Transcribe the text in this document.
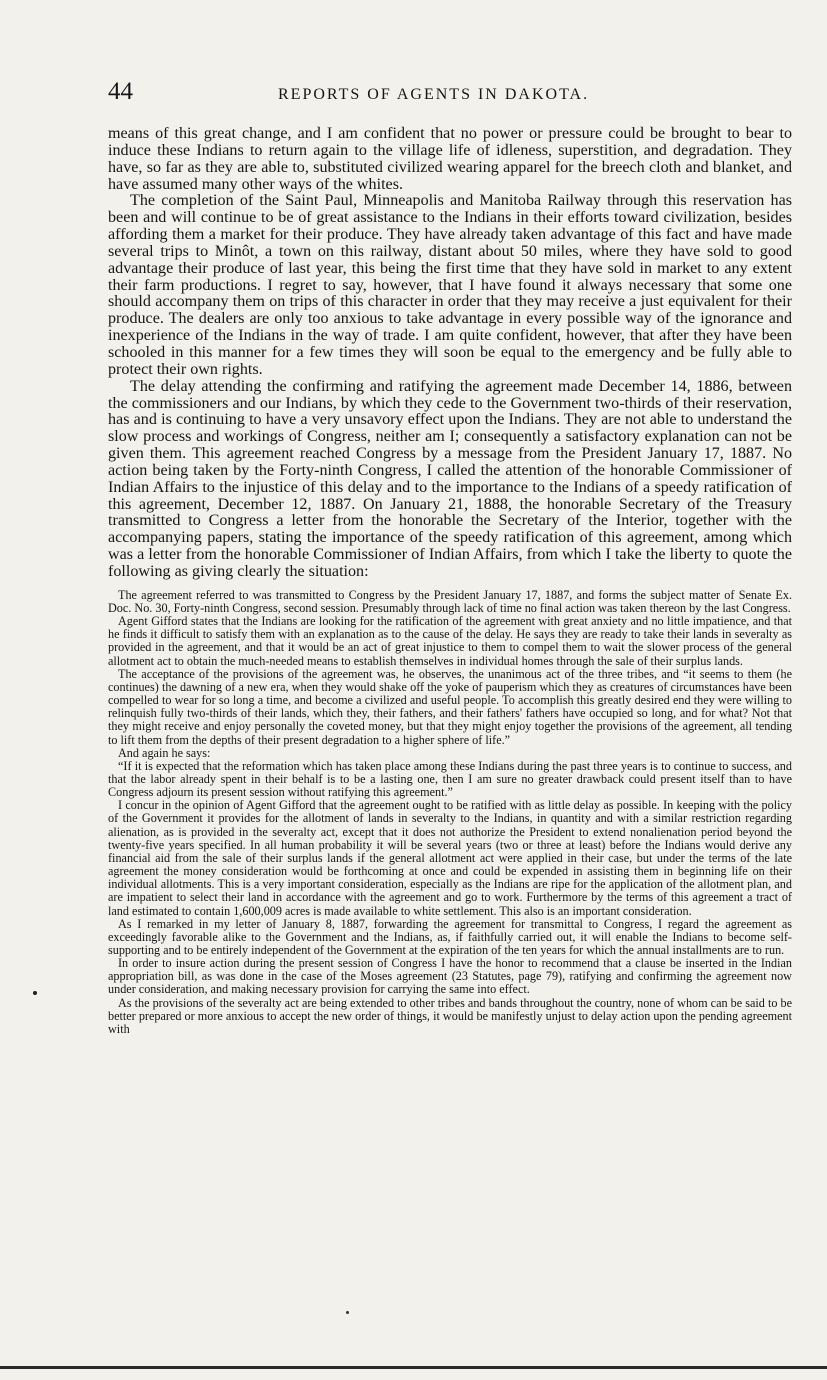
44	REPORTS OF AGENTS IN DAKOTA.

means of this great change, and I am confident that no power or pressure could be brought to bear to induce these Indians to return again to the village life of idleness, superstition, and degradation. They have, so far as they are able to, substituted civilized wearing apparel for the breech cloth and blanket, and have assumed many other ways of the whites.

The completion of the Saint Paul, Minneapolis and Manitoba Railway through this reservation has been and will continue to be of great assistance to the Indians in their efforts toward civilization, besides affording them a market for their produce. They have already taken advantage of this fact and have made several trips to Minôt, a town on this railway, distant about 50 miles, where they have sold to good advantage their produce of last year, this being the first time that they have sold in market to any extent their farm productions. I regret to say, however, that I have found it always necessary that some one should accompany them on trips of this character in order that they may receive a just equivalent for their produce. The dealers are only too anxious to take advantage in every possible way of the ignorance and inexperience of the Indians in the way of trade. I am quite confident, however, that after they have been schooled in this manner for a few times they will soon be equal to the emergency and be fully able to protect their own rights.

The delay attending the confirming and ratifying the agreement made December 14, 1886, between the commissioners and our Indians, by which they cede to the Government two-thirds of their reservation, has and is continuing to have a very unsavory effect upon the Indians. They are not able to understand the slow process and workings of Congress, neither am I; consequently a satisfactory explanation can not be given them. This agreement reached Congress by a message from the President January 17, 1887. No action being taken by the Forty-ninth Congress, I called the attention of the honorable Commissioner of Indian Affairs to the injustice of this delay and to the importance to the Indians of a speedy ratification of this agreement, December 12, 1887. On January 21, 1888, the honorable Secretary of the Treasury transmitted to Congress a letter from the honorable the Secretary of the Interior, together with the accompanying papers, stating the importance of the speedy ratification of this agreement, among which was a letter from the honorable Commissioner of Indian Affairs, from which I take the liberty to quote the following as giving clearly the situation:

The agreement referred to was transmitted to Congress by the President January 17, 1887, and forms the subject matter of Senate Ex. Doc. No. 30, Forty-ninth Congress, second session. Presumably through lack of time no final action was taken thereon by the last Congress.

Agent Gifford states that the Indians are looking for the ratification of the agreement with great anxiety and no little impatience, and that he finds it difficult to satisfy them with an explanation as to the cause of the delay. He says they are ready to take their lands in severalty as provided in the agreement, and that it would be an act of great injustice to them to compel them to wait the slower process of the general allotment act to obtain the much-needed means to establish themselves in individual homes through the sale of their surplus lands.

The acceptance of the provisions of the agreement was, he observes, the unanimous act of the three tribes, and “it seems to them (he continues) the dawning of a new era, when they would shake off the yoke of pauperism which they as creatures of circumstances have been compelled to wear for so long a time, and become a civilized and useful people. To accomplish this greatly desired end they were willing to relinquish fully two-thirds of their lands, which they, their fathers, and their fathers' fathers have occupied so long, and for what? Not that they might receive and enjoy personally the coveted money, but that they might enjoy together the provisions of the agreement, all tending to lift them from the depths of their present degradation to a higher sphere of life.”

And again he says:

“If it is expected that the reformation which has taken place among these Indians during the past three years is to continue to success, and that the labor already spent in their behalf is to be a lasting one, then I am sure no greater drawback could present itself than to have Congress adjourn its present session without ratifying this agreement.”

I concur in the opinion of Agent Gifford that the agreement ought to be ratified with as little delay as possible. In keeping with the policy of the Government it provides for the allotment of lands in severalty to the Indians, in quantity and with a similar restriction regarding alienation, as is provided in the severalty act, except that it does not authorize the President to extend nonalienation period beyond the twenty-five years specified. In all human probability it will be several years (two or three at least) before the Indians would derive any financial aid from the sale of their surplus lands if the general allotment act were applied in their case, but under the terms of the late agreement the money consideration would be forthcoming at once and could be expended in assisting them in beginning life on their individual allotments. This is a very important consideration, especially as the Indians are ripe for the application of the allotment plan, and are impatient to select their land in accordance with the agreement and go to work. Furthermore by the terms of this agreement a tract of land estimated to contain 1,600,009 acres is made available to white settlement. This also is an important consideration.

As I remarked in my letter of January 8, 1887, forwarding the agreement for transmittal to Congress, I regard the agreement as exceedingly favorable alike to the Government and the Indians, as, if faithfully carried out, it will enable the Indians to become self-supporting and to be entirely independent of the Government at the expiration of the ten years for which the annual installments are to run.

In order to insure action during the present session of Congress I have the honor to recommend that a clause be inserted in the Indian appropriation bill, as was done in the case of the Moses agreement (23 Statutes, page 79), ratifying and confirming the agreement now under consideration, and making necessary provision for carrying the same into effect.

As the provisions of the severalty act are being extended to other tribes and bands throughout the country, none of whom can be said to be better prepared or more anxious to accept the new order of things, it would be manifestly unjust to delay action upon the pending agreement with
